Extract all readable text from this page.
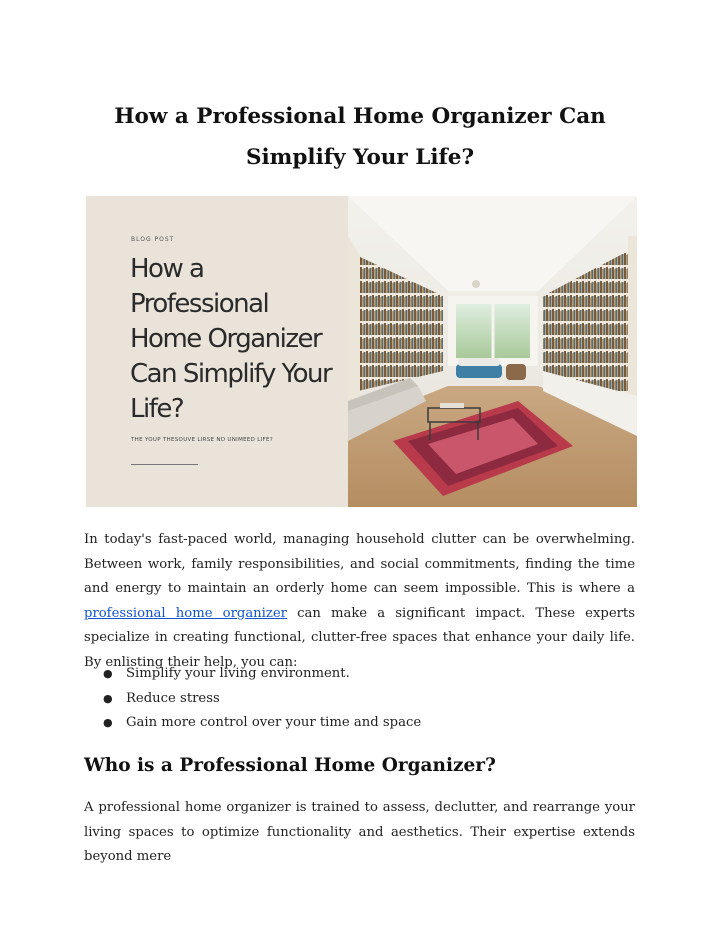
How a Professional Home Organizer Can Simplify Your Life?
BLOG POST
How a Professional Home Organizer Can Simplify Your Life?
THE YOUP THESOUVE LIRSE ND UNIMEED LIFE?
In today's fast-paced world, managing household clutter can be overwhelming. Between work, family responsibilities, and social commitments, finding the time and energy to maintain an orderly home can seem impossible. This is where a professional home organizer can make a significant impact. These experts specialize in creating functional, clutter-free spaces that enhance your daily life. By enlisting their help, you can:
● Simplify your living environment.
● Reduce stress
● Gain more control over your time and space
Who is a Professional Home Organizer?
A professional home organizer is trained to assess, declutter, and rearrange your living spaces to optimize functionality and aesthetics. Their expertise extends beyond mere
